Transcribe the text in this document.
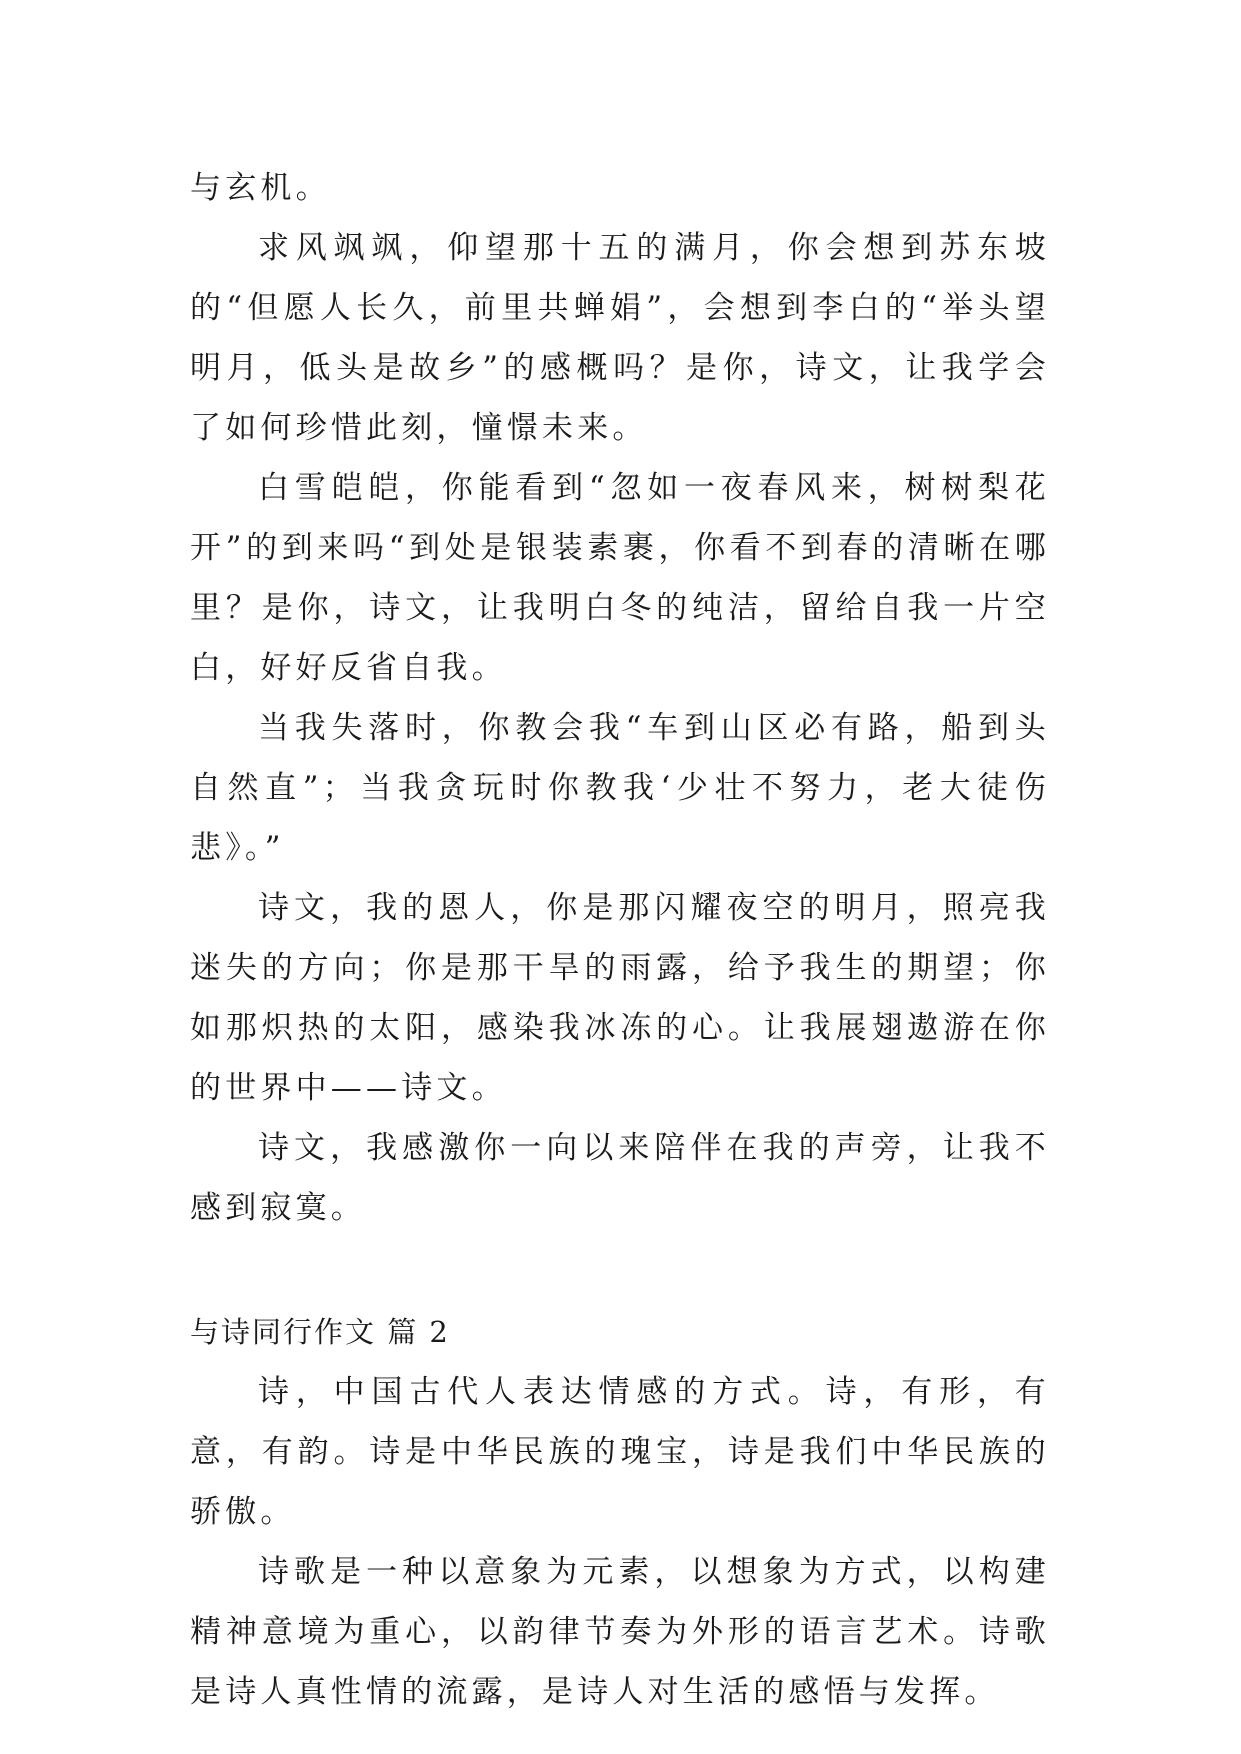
与玄机。

求风飒飒，仰望那十五的满月，你会想到苏东坡的“但愿人长久，前里共蝉娟”，会想到李白的“举头望明月，低头是故乡”的感概吗？是你，诗文，让我学会了如何珍惜此刻，憧憬未来。

白雪皑皑，你能看到“忽如一夜春风来，树树梨花开”的到来吗“到处是银装素裹，你看不到春的清晰在哪里？是你，诗文，让我明白冬的纯洁，留给自我一片空白，好好反省自我。

当我失落时，你教会我“车到山区必有路，船到头自然直”；当我贪玩时你教我‘少壮不努力，老大徒伤悲》。”

诗文，我的恩人，你是那闪耀夜空的明月，照亮我迷失的方向；你是那干旱的雨露，给予我生的期望；你如那炽热的太阳，感染我冰冻的心。让我展翅遨游在你的世界中——诗文。

诗文，我感激你一向以来陪伴在我的声旁，让我不感到寂寞。

与诗同行作文 篇 2

诗，中国古代人表达情感的方式。诗，有形，有意，有韵。诗是中华民族的瑰宝，诗是我们中华民族的骄傲。

诗歌是一种以意象为元素，以想象为方式，以构建精神意境为重心，以韵律节奏为外形的语言艺术。诗歌是诗人真性情的流露，是诗人对生活的感悟与发挥。
